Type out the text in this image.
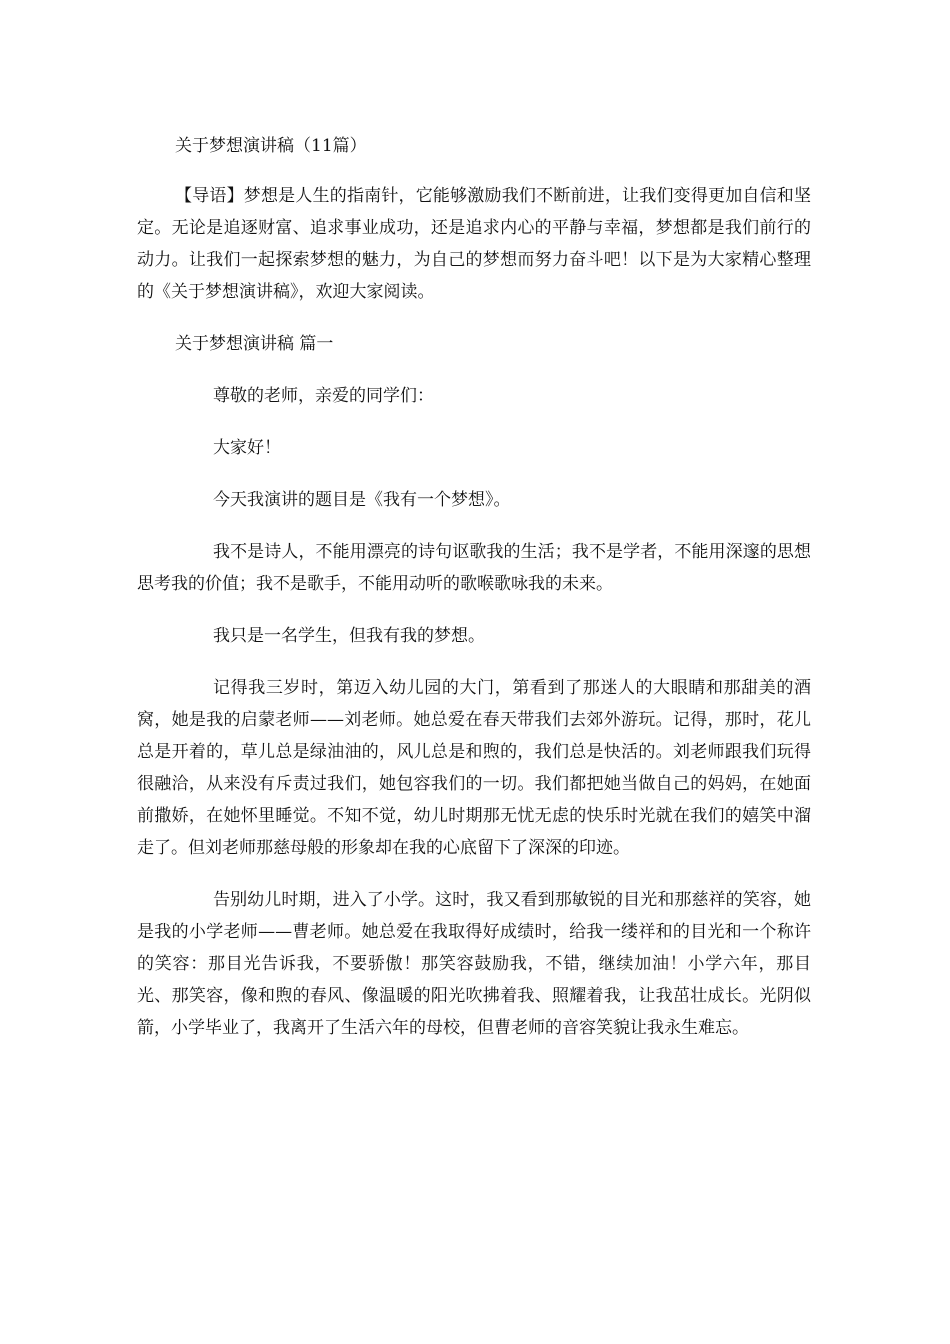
关于梦想演讲稿（11篇）

【导语】梦想是人生的指南针，它能够激励我们不断前进，让我们变得更加自信和坚定。无论是追逐财富、追求事业成功，还是追求内心的平静与幸福，梦想都是我们前行的动力。让我们一起探索梦想的魅力，为自己的梦想而努力奋斗吧！以下是为大家精心整理的《关于梦想演讲稿》，欢迎大家阅读。

关于梦想演讲稿 篇一

尊敬的老师，亲爱的同学们：

大家好！

今天我演讲的题目是《我有一个梦想》。

我不是诗人，不能用漂亮的诗句讴歌我的生活；我不是学者，不能用深邃的思想思考我的价值；我不是歌手，不能用动听的歌喉歌咏我的未来。

我只是一名学生，但我有我的梦想。

记得我三岁时，第迈入幼儿园的大门，第看到了那迷人的大眼睛和那甜美的酒窝，她是我的启蒙老师——刘老师。她总爱在春天带我们去郊外游玩。记得，那时，花儿总是开着的，草儿总是绿油油的，风儿总是和煦的，我们总是快活的。刘老师跟我们玩得很融洽，从来没有斥责过我们，她包容我们的一切。我们都把她当做自己的妈妈，在她面前撒娇，在她怀里睡觉。不知不觉，幼儿时期那无忧无虑的快乐时光就在我们的嬉笑中溜走了。但刘老师那慈母般的形象却在我的心底留下了深深的印迹。

告别幼儿时期，进入了小学。这时，我又看到那敏锐的目光和那慈祥的笑容，她是我的小学老师——曹老师。她总爱在我取得好成绩时，给我一缕祥和的目光和一个称许的笑容：那目光告诉我，不要骄傲！那笑容鼓励我，不错，继续加油！小学六年，那目光、那笑容，像和煦的春风、像温暖的阳光吹拂着我、照耀着我，让我茁壮成长。光阴似箭，小学毕业了，我离开了生活六年的母校，但曹老师的音容笑貌让我永生难忘。
